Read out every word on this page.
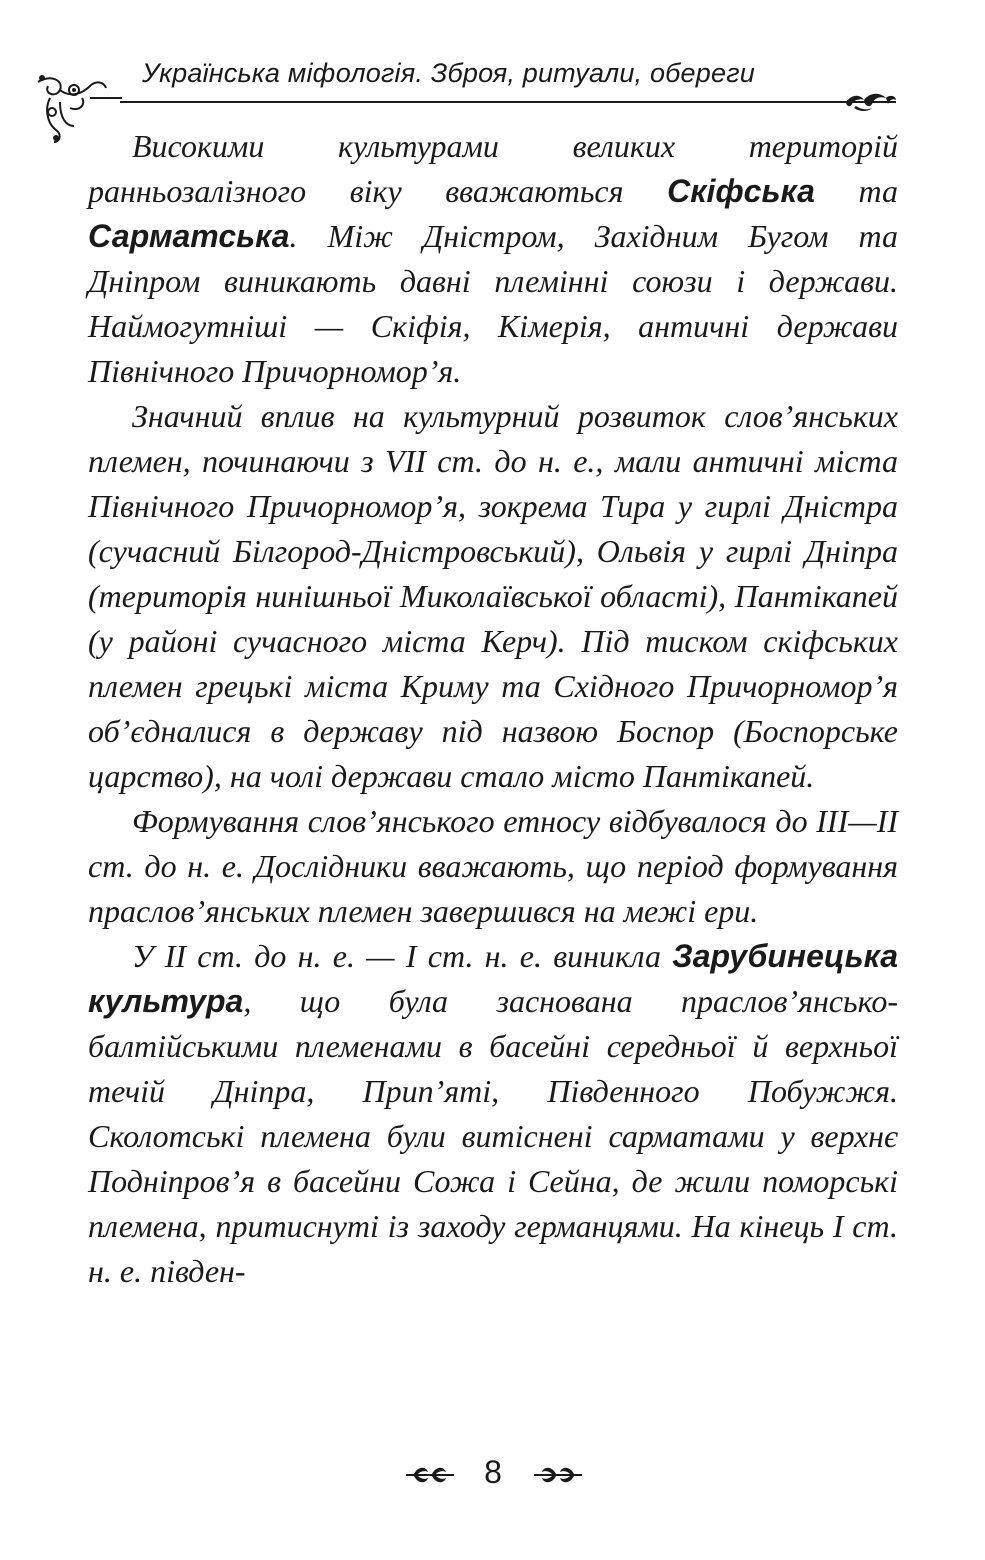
Українська міфологія. Зброя, ритуали, обереги

Високими культурами великих територій ранньозалізного віку вважаються Скіфська та Сарматська. Між Дністром, Західним Бугом та Дніпром виникають давні племінні союзи і держави. Наймогутніші — Скіфія, Кімерія, античні держави Північного Причорномор’я.

Значний вплив на культурний розвиток слов’янських племен, починаючи з VII ст. до н. е., мали античні міста Північного Причорномор’я, зокрема Тира у гирлі Дністра (сучасний Білгород-Дністровський), Ольвія у гирлі Дніпра (територія нинішньої Миколаївської області), Пантікапей (у районі сучасного міста Керч). Під тиском скіфських племен грецькі міста Криму та Східного Причорномор’я об’єдналися в державу під назвою Боспор (Боспорське царство), на чолі держави стало місто Пантікапей.

Формування слов’янського етносу відбувалося до III—II ст. до н. е. Дослідники вважають, що період формування праслов’янських племен завершився на межі ери.

У II ст. до н. е. — I ст. н. е. виникла Зарубинецька культура, що була заснована праслов’янсько-балтійськими племенами в басейні середньої й верхньої течій Дніпра, Прип’яті, Південного Побужжя. Сколотські племена були витіснені сарматами у верхнє Подніпров’я в басейни Сожа і Сейна, де жили поморські племена, притиснуті із заходу германцями. На кінець I ст. н. е. півден-

8
